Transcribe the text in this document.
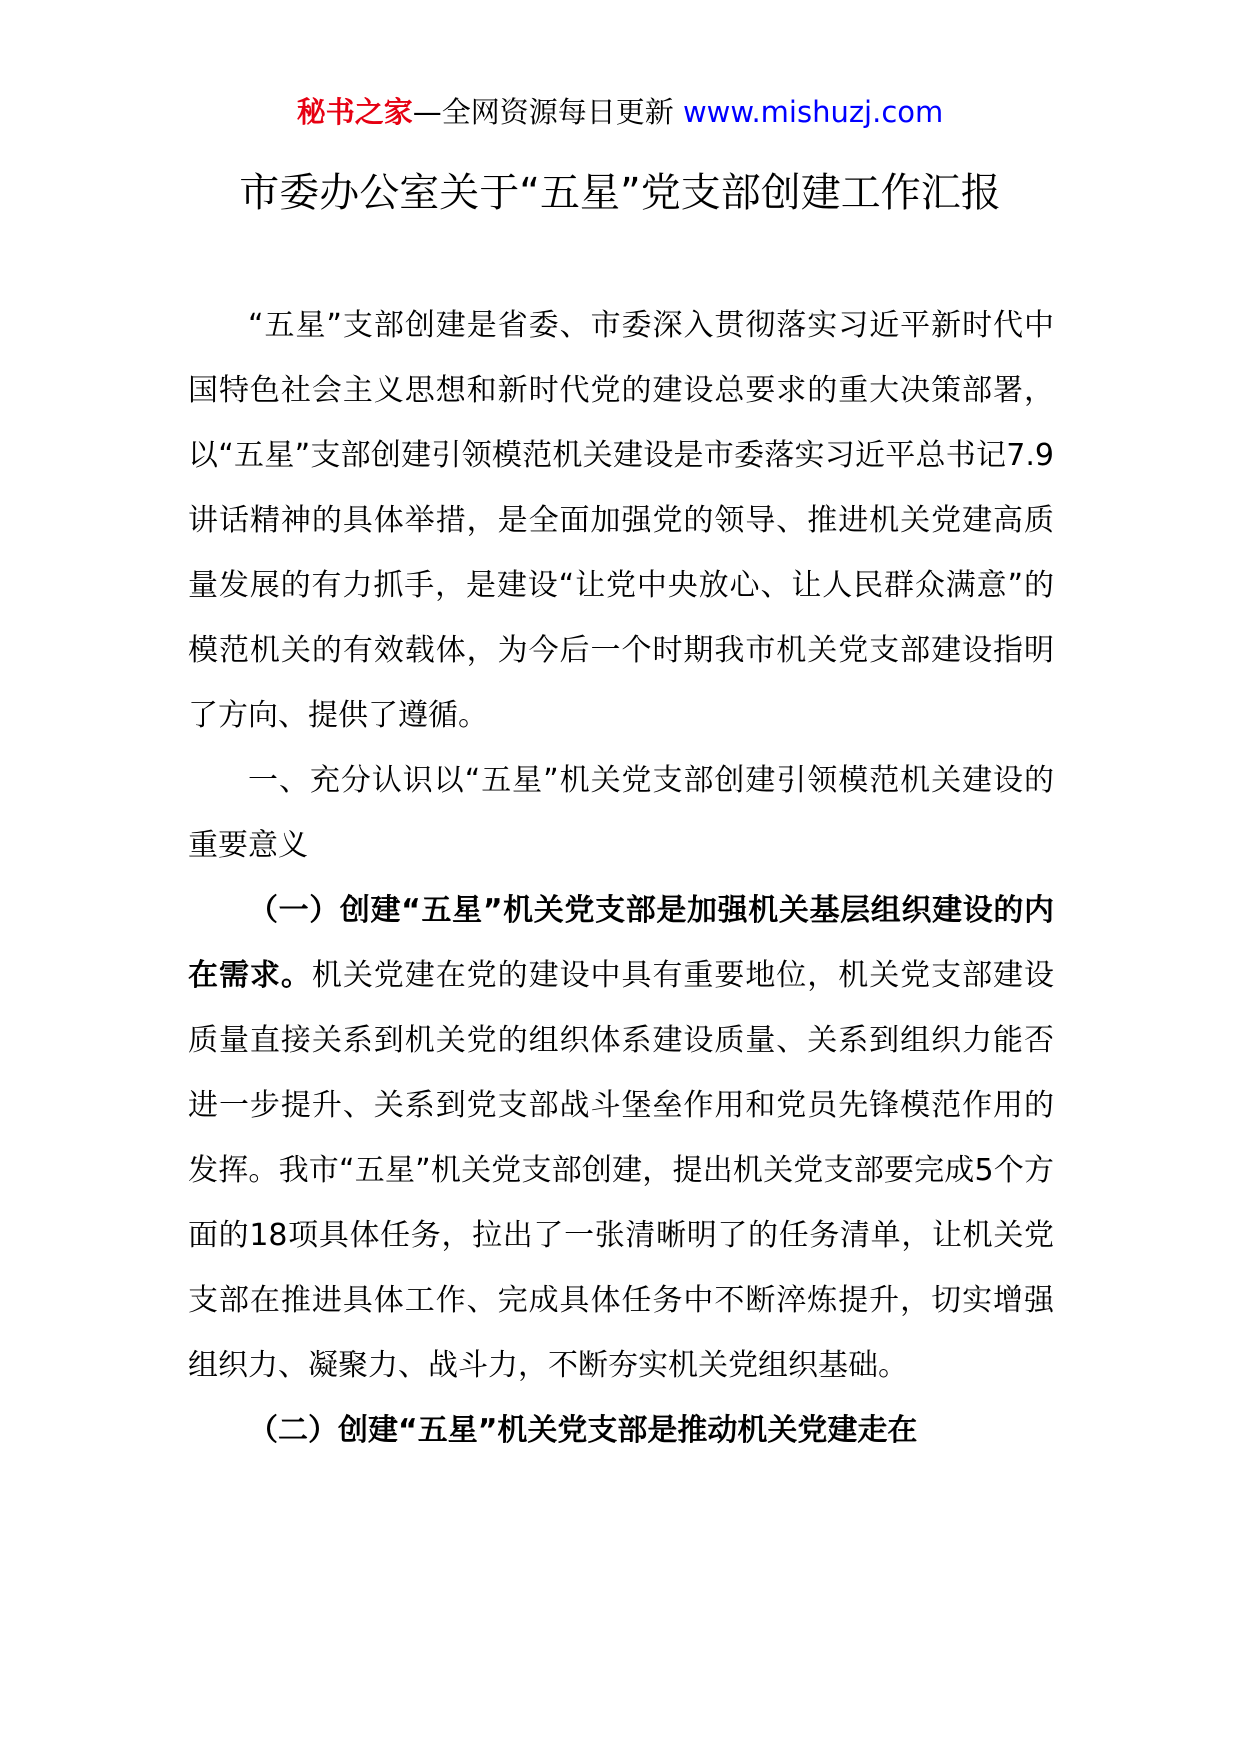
秘书之家—全网资源每日更新 www.mishuzj.com
市委办公室关于“五星”党支部创建工作汇报

“五星”支部创建是省委、市委深入贯彻落实习近平新时代中国特色社会主义思想和新时代党的建设总要求的重大决策部署，以“五星”支部创建引领模范机关建设是市委落实习近平总书记7.9讲话精神的具体举措，是全面加强党的领导、推进机关党建高质量发展的有力抓手，是建设“让党中央放心、让人民群众满意”的模范机关的有效载体，为今后一个时期我市机关党支部建设指明了方向、提供了遵循。

一、充分认识以“五星”机关党支部创建引领模范机关建设的重要意义

（一）创建“五星”机关党支部是加强机关基层组织建设的内在需求。机关党建在党的建设中具有重要地位，机关党支部建设质量直接关系到机关党的组织体系建设质量、关系到组织力能否进一步提升、关系到党支部战斗堡垒作用和党员先锋模范作用的发挥。我市“五星”机关党支部创建，提出机关党支部要完成5个方面的18项具体任务，拉出了一张清晰明了的任务清单，让机关党支部在推进具体工作、完成具体任务中不断淬炼提升，切实增强组织力、凝聚力、战斗力，不断夯实机关党组织基础。

（二）创建“五星”机关党支部是推动机关党建走在
